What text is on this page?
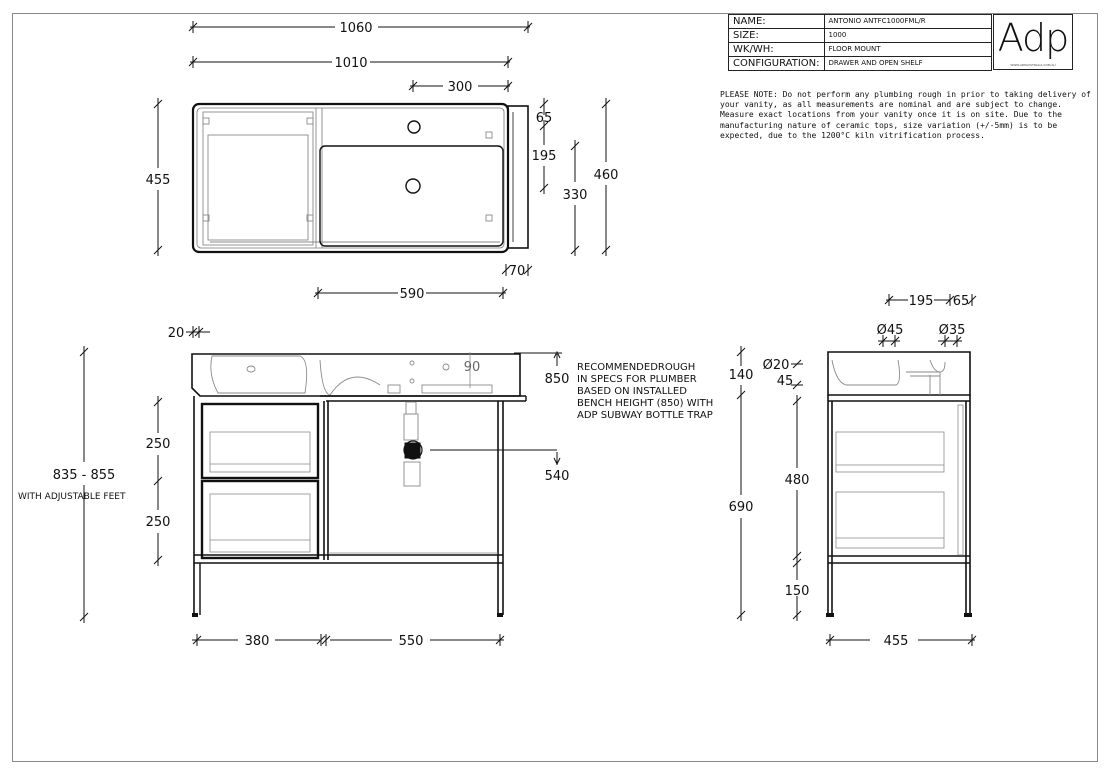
1060
1010
300
65
195
330
460
455
70
590
20
90
850
540
250
250
835 - 855
380	550
195 65
Ø45	Ø35
Ø20
140 45
690
480
150
455
NAME:	ANTONIO ANTFC1000FML/R
SIZE:	1000
WK/WH:	FLOOR MOUNT
CONFIGURATION:	DRAWER AND OPEN SHELF
Adp
WWW.ADPAUSTRALIA.COM.AU
PLEASE NOTE: Do not perform any plumbing rough in prior to taking delivery of your vanity, as all measurements are nominal and are subject to change. Measure exact locations from your vanity once it is on site. Due to the manufacturing nature of ceramic tops, size variation (+/-5mm) is to be expected, due to the 1200°C kiln vitrification process.
RECOMMENDEDROUGH
IN SPECS FOR PLUMBER
BASED ON INSTALLED
BENCH HEIGHT (850) WITH
ADP SUBWAY BOTTLE TRAP
WITH ADJUSTABLE FEET
